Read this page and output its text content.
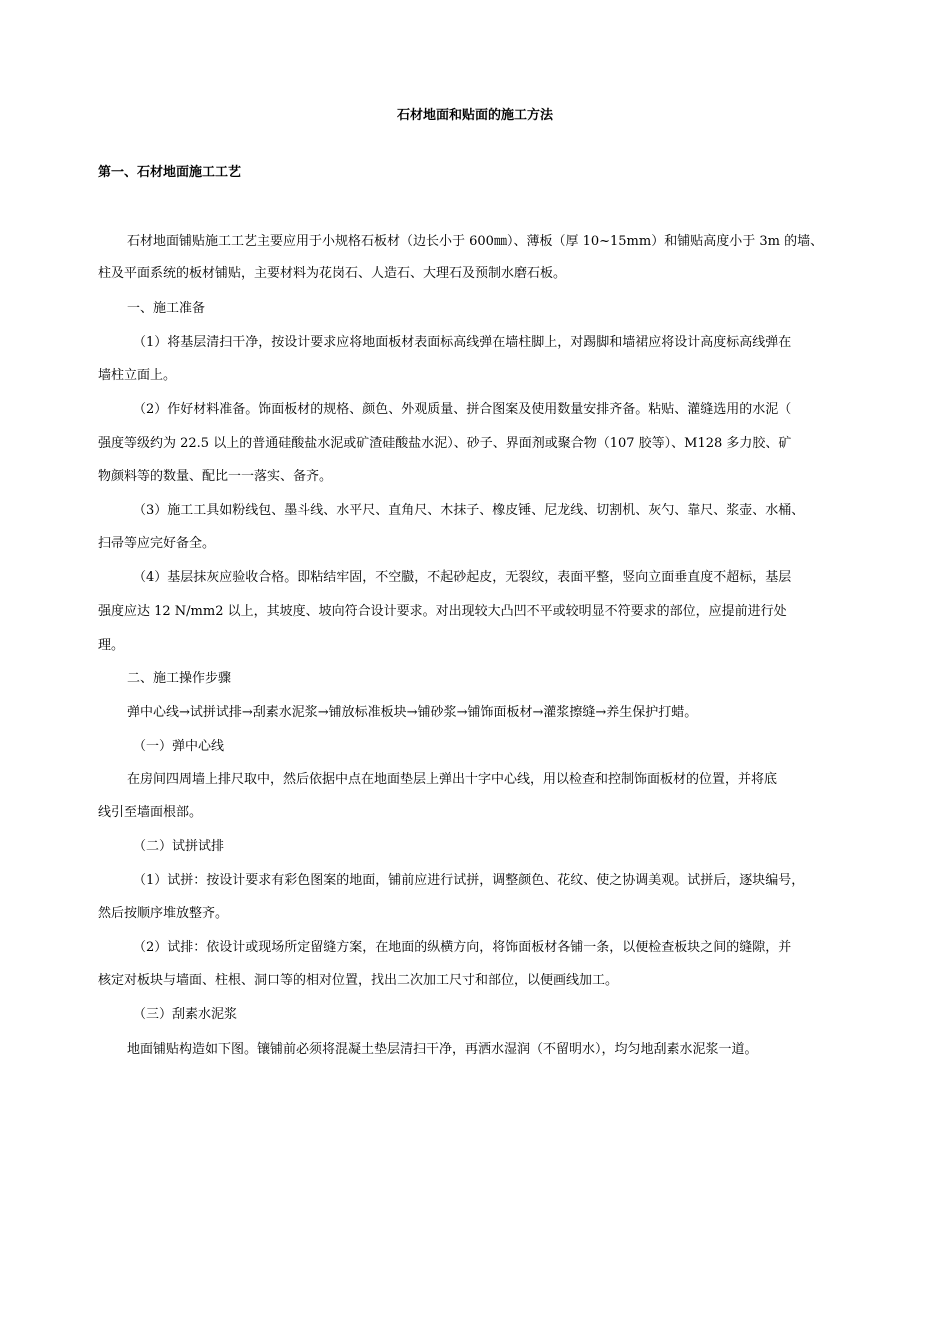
石材地面和贴面的施工方法
第一、石材地面施工工艺
石材地面铺贴施工工艺主要应用于小规格石板材（边长小于 600㎜）、薄板（厚 10~15mm）和铺贴高度小于 3m 的墙、
柱及平面系统的板材铺贴，主要材料为花岗石、人造石、大理石及预制水磨石板。
一、施工准备
（1）将基层清扫干净，按设计要求应将地面板材表面标高线弹在墙柱脚上，对踢脚和墙裙应将设计高度标高线弹在
墙柱立面上。
（2）作好材料准备。饰面板材的规格、颜色、外观质量、拼合图案及使用数量安排齐备。粘贴、灌缝选用的水泥（
强度等级约为 22.5 以上的普通硅酸盐水泥或矿渣硅酸盐水泥）、砂子、界面剂或聚合物（107 胶等）、M128 多力胶、矿
物颜料等的数量、配比一一落实、备齐。
（3）施工工具如粉线包、墨斗线、水平尺、直角尺、木抹子、橡皮锤、尼龙线、切割机、灰勺、靠尺、浆壶、水桶、
扫帚等应完好备全。
（4）基层抹灰应验收合格。即粘结牢固，不空臌，不起砂起皮，无裂纹，表面平整，竖向立面垂直度不超标，基层
强度应达 12 N/mm2 以上，其坡度、坡向符合设计要求。对出现较大凸凹不平或较明显不符要求的部位，应提前进行处
理。
二、施工操作步骤
弹中心线→试拼试排→刮素水泥浆→铺放标准板块→铺砂浆→铺饰面板材→灌浆擦缝→养生保护打蜡。
（一）弹中心线
在房间四周墙上排尺取中，然后依据中点在地面垫层上弹出十字中心线，用以检查和控制饰面板材的位置，并将底
线引至墙面根部。
（二）试拼试排
（1）试拼：按设计要求有彩色图案的地面，铺前应进行试拼，调整颜色、花纹、使之协调美观。试拼后，逐块编号，
然后按顺序堆放整齐。
（2）试排：依设计或现场所定留缝方案，在地面的纵横方向，将饰面板材各铺一条，以便检查板块之间的缝隙，并
核定对板块与墙面、柱根、洞口等的相对位置，找出二次加工尺寸和部位，以便画线加工。
（三）刮素水泥浆
地面铺贴构造如下图。镶铺前必须将混凝土垫层清扫干净，再洒水湿润（不留明水），均匀地刮素水泥浆一道。
